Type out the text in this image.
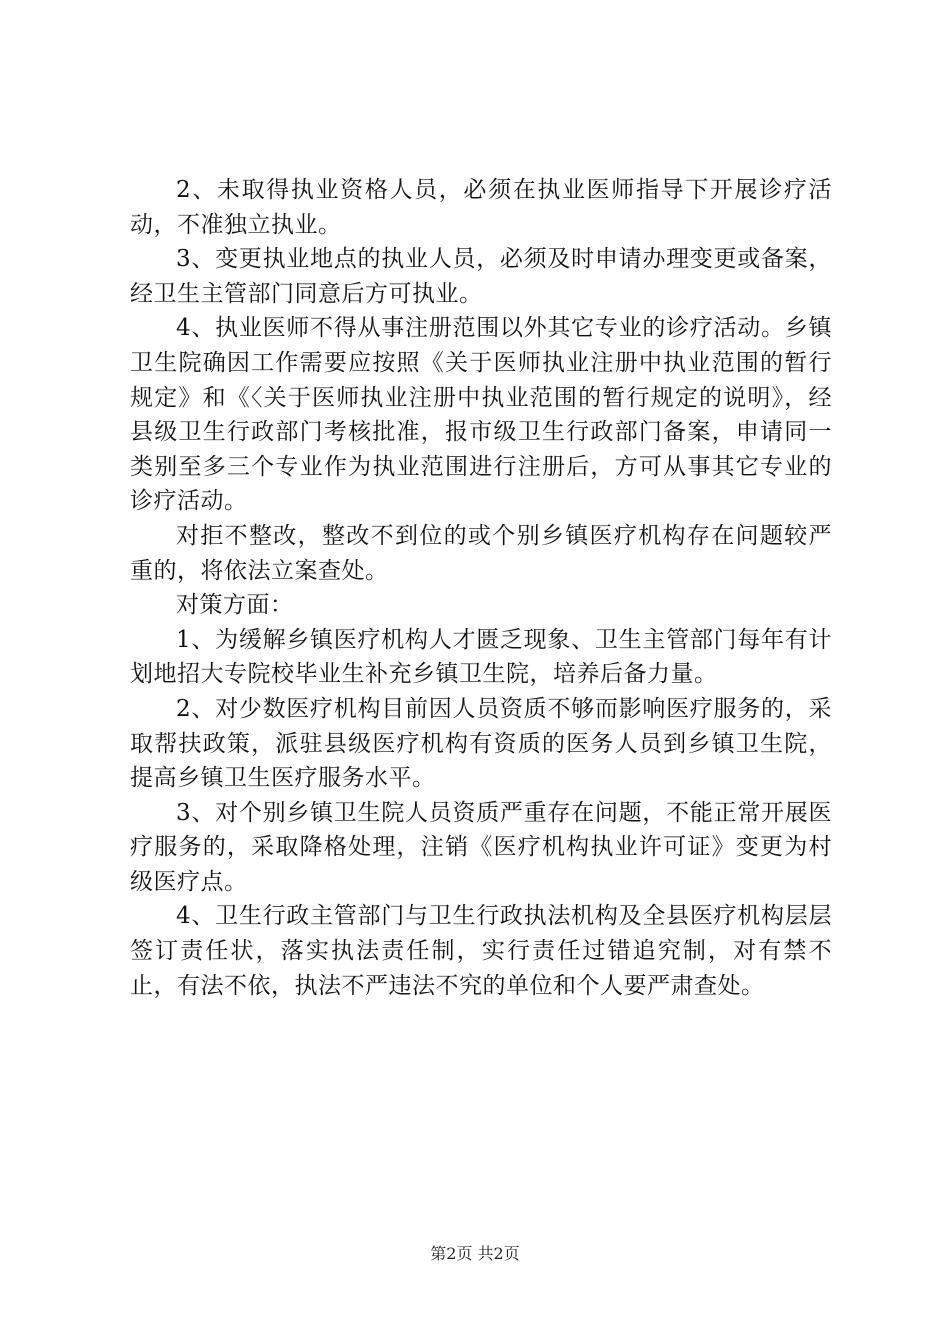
2、未取得执业资格人员，必须在执业医师指导下开展诊疗活动，不准独立执业。

3、变更执业地点的执业人员，必须及时申请办理变更或备案，经卫生主管部门同意后方可执业。

4、执业医师不得从事注册范围以外其它专业的诊疗活动。乡镇卫生院确因工作需要应按照《关于医师执业注册中执业范围的暂行规定》和《〈关于医师执业注册中执业范围的暂行规定的说明》，经县级卫生行政部门考核批准，报市级卫生行政部门备案，申请同一类别至多三个专业作为执业范围进行注册后，方可从事其它专业的诊疗活动。

对拒不整改，整改不到位的或个别乡镇医疗机构存在问题较严重的，将依法立案查处。

对策方面：

1、为缓解乡镇医疗机构人才匮乏现象、卫生主管部门每年有计划地招大专院校毕业生补充乡镇卫生院，培养后备力量。

2、对少数医疗机构目前因人员资质不够而影响医疗服务的，采取帮扶政策，派驻县级医疗机构有资质的医务人员到乡镇卫生院，提高乡镇卫生医疗服务水平。

3、对个别乡镇卫生院人员资质严重存在问题，不能正常开展医疗服务的，采取降格处理，注销《医疗机构执业许可证》变更为村级医疗点。

4、卫生行政主管部门与卫生行政执法机构及全县医疗机构层层签订责任状，落实执法责任制，实行责任过错追究制，对有禁不止，有法不依，执法不严违法不究的单位和个人要严肃查处。

第2页 共2页
